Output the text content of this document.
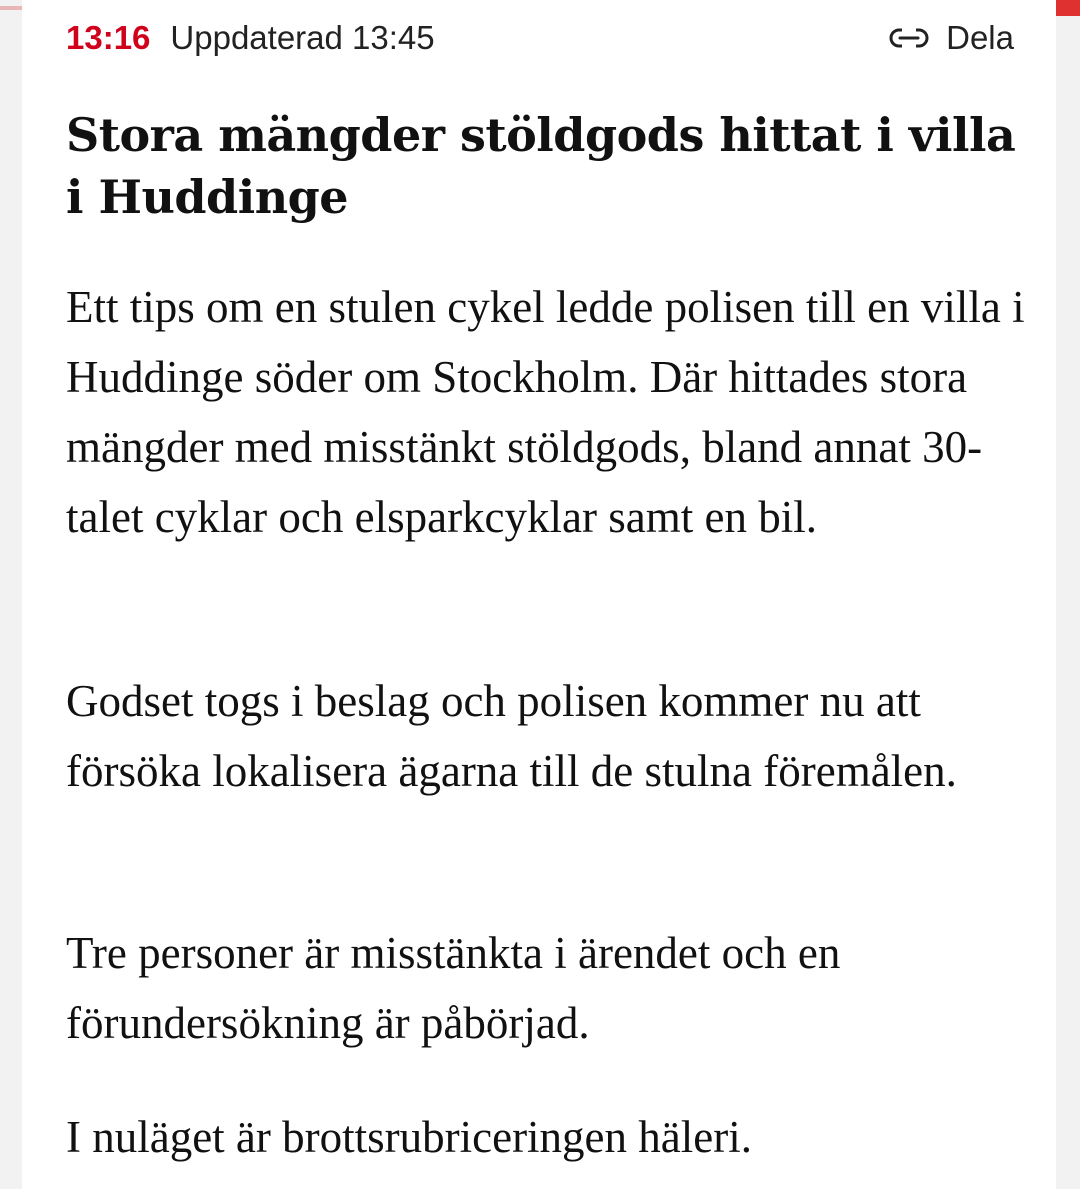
13:16 Uppdaterad 13:45	Dela
Stora mängder stöldgods hittat i villa i Huddinge

Ett tips om en stulen cykel ledde polisen till en villa i Huddinge söder om Stockholm. Där hittades stora mängder med misstänkt stöldgods, bland annat 30-talet cyklar och elsparkcyklar samt en bil.

Godset togs i beslag och polisen kommer nu att försöka lokalisera ägarna till de stulna föremålen.

Tre personer är misstänkta i ärendet och en förundersökning är påbörjad.

I nuläget är brottsrubriceringen häleri.
